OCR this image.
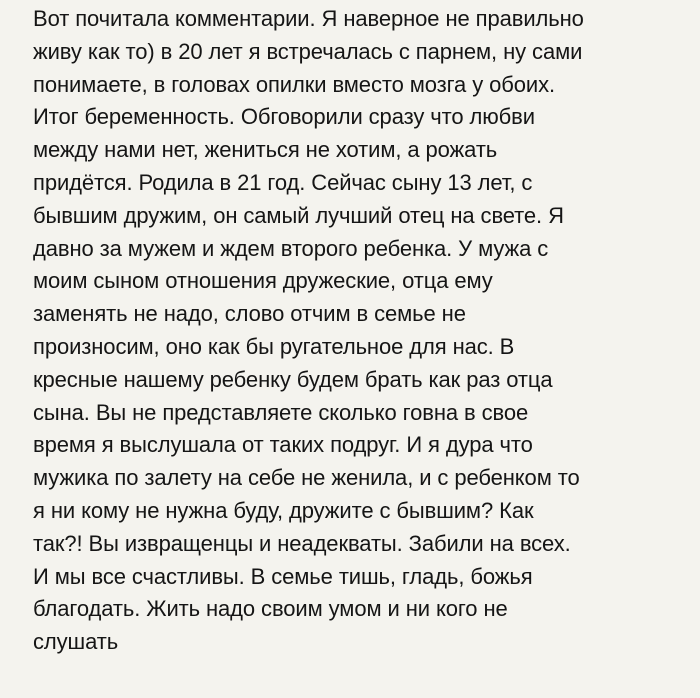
Вот почитала комментарии. Я наверное не правильно
живу как то) в 20 лет я встречалась с парнем, ну сами
понимаете, в головах опилки вместо мозга у обоих.
Итог беременность. Обговорили сразу что любви
между нами нет, жениться не хотим, а рожать
придётся. Родила в 21 год. Сейчас сыну 13 лет, с
бывшим дружим, он самый лучший отец на свете. Я
давно за мужем и ждем второго ребенка. У мужа с
моим сыном отношения дружеские, отца ему
заменять не надо, слово отчим в семье не
произносим, оно как бы ругательное для нас. В
кресные нашему ребенку будем брать как раз отца
сына. Вы не представляете сколько говна в свое
время я выслушала от таких подруг. И я дура что
мужика по залету на себе не женила, и с ребенком то
я ни кому не нужна буду, дружите с бывшим? Как
так?! Вы извращенцы и неадекваты. Забили на всех.
И мы все счастливы. В семье тишь, гладь, божья
благодать. Жить надо своим умом и ни кого не
слушать
